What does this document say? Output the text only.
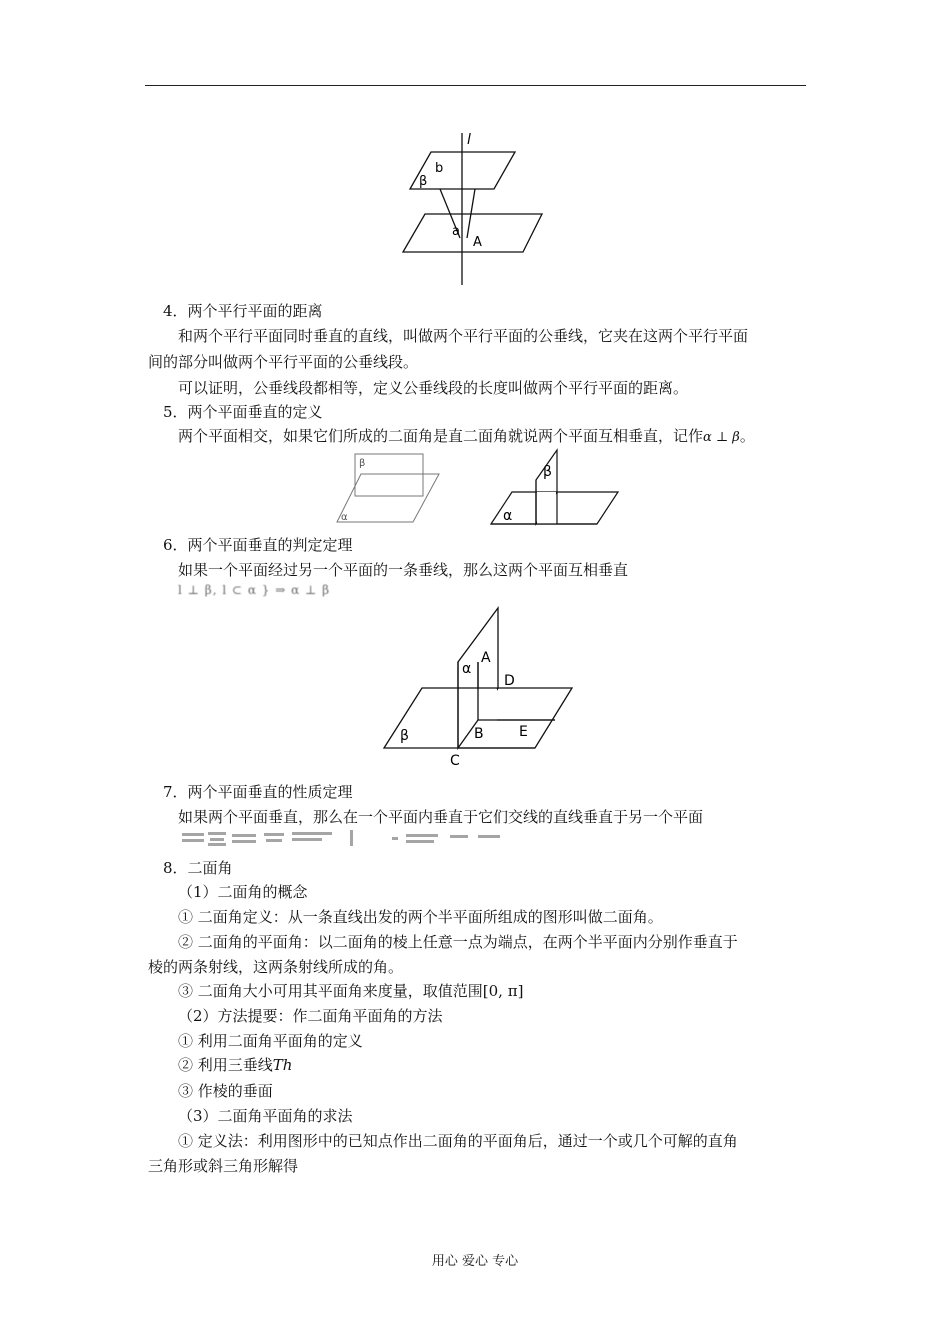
l
b
β
a
A
4．两个平行平面的距离
和两个平行平面同时垂直的直线，叫做两个平行平面的公垂线，它夹在这两个平行平面
间的部分叫做两个平行平面的公垂线段。
可以证明，公垂线段都相等，定义公垂线段的长度叫做两个平行平面的距离。
5．两个平面垂直的定义
两个平面相交，如果它们所成的二面角是直二面角就说两个平面互相垂直，记作α ⊥ β。
β
α
β
α
6．两个平面垂直的判定定理
如果一个平面经过另一个平面的一条垂线，那么这两个平面互相垂直
l ⊥ β, l ⊂ α } ⇒ α ⊥ β
A
α
D
β	B	E
C
7．两个平面垂直的性质定理
如果两个平面垂直，那么在一个平面内垂直于它们交线的直线垂直于另一个平面
8．二面角
（1）二面角的概念
① 二面角定义：从一条直线出发的两个半平面所组成的图形叫做二面角。
② 二面角的平面角：以二面角的棱上任意一点为端点，在两个半平面内分别作垂直于
棱的两条射线，这两条射线所成的角。
③ 二面角大小可用其平面角来度量，取值范围[0, π]
（2）方法提要：作二面角平面角的方法
① 利用二面角平面角的定义
② 利用三垂线Th
③ 作棱的垂面
（3）二面角平面角的求法
① 定义法：利用图形中的已知点作出二面角的平面角后，通过一个或几个可解的直角
三角形或斜三角形解得
用心 爱心 专心
